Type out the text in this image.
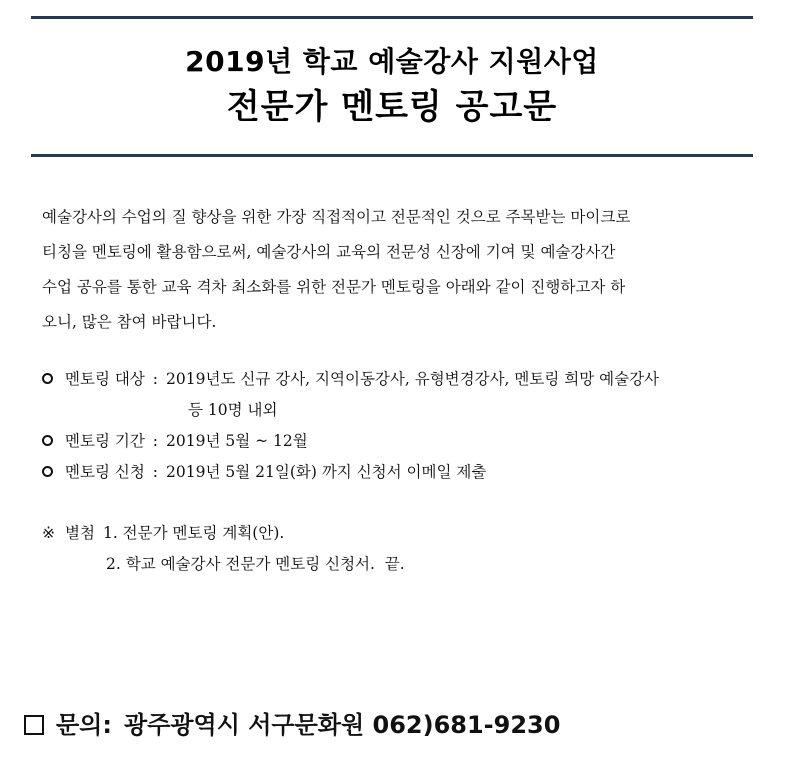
2019년 학교 예술강사 지원사업
전문가 멘토링 공고문
예술강사의 수업의 질 향상을 위한 가장 직접적이고 전문적인 것으로 주목받는 마이크로
티칭을 멘토링에 활용함으로써, 예술강사의 교육의 전문성 신장에 기여 및 예술강사간
수업 공유를 통한 교육 격차 최소화를 위한 전문가 멘토링을 아래와 같이 진행하고자 하
오니, 많은 참여 바랍니다.
멘토링 대상 : 2019년도 신규 강사, 지역이동강사, 유형변경강사, 멘토링 희망 예술강사
등 10명 내외
멘토링 기간 : 2019년 5월 ~ 12월
멘토링 신청 : 2019년 5월 21일(화) 까지 신청서 이메일 제출
※ 별첨 1. 전문가 멘토링 계획(안).
2. 학교 예술강사 전문가 멘토링 신청서.  끝.
문의: 광주광역시 서구문화원 062)681-9230
